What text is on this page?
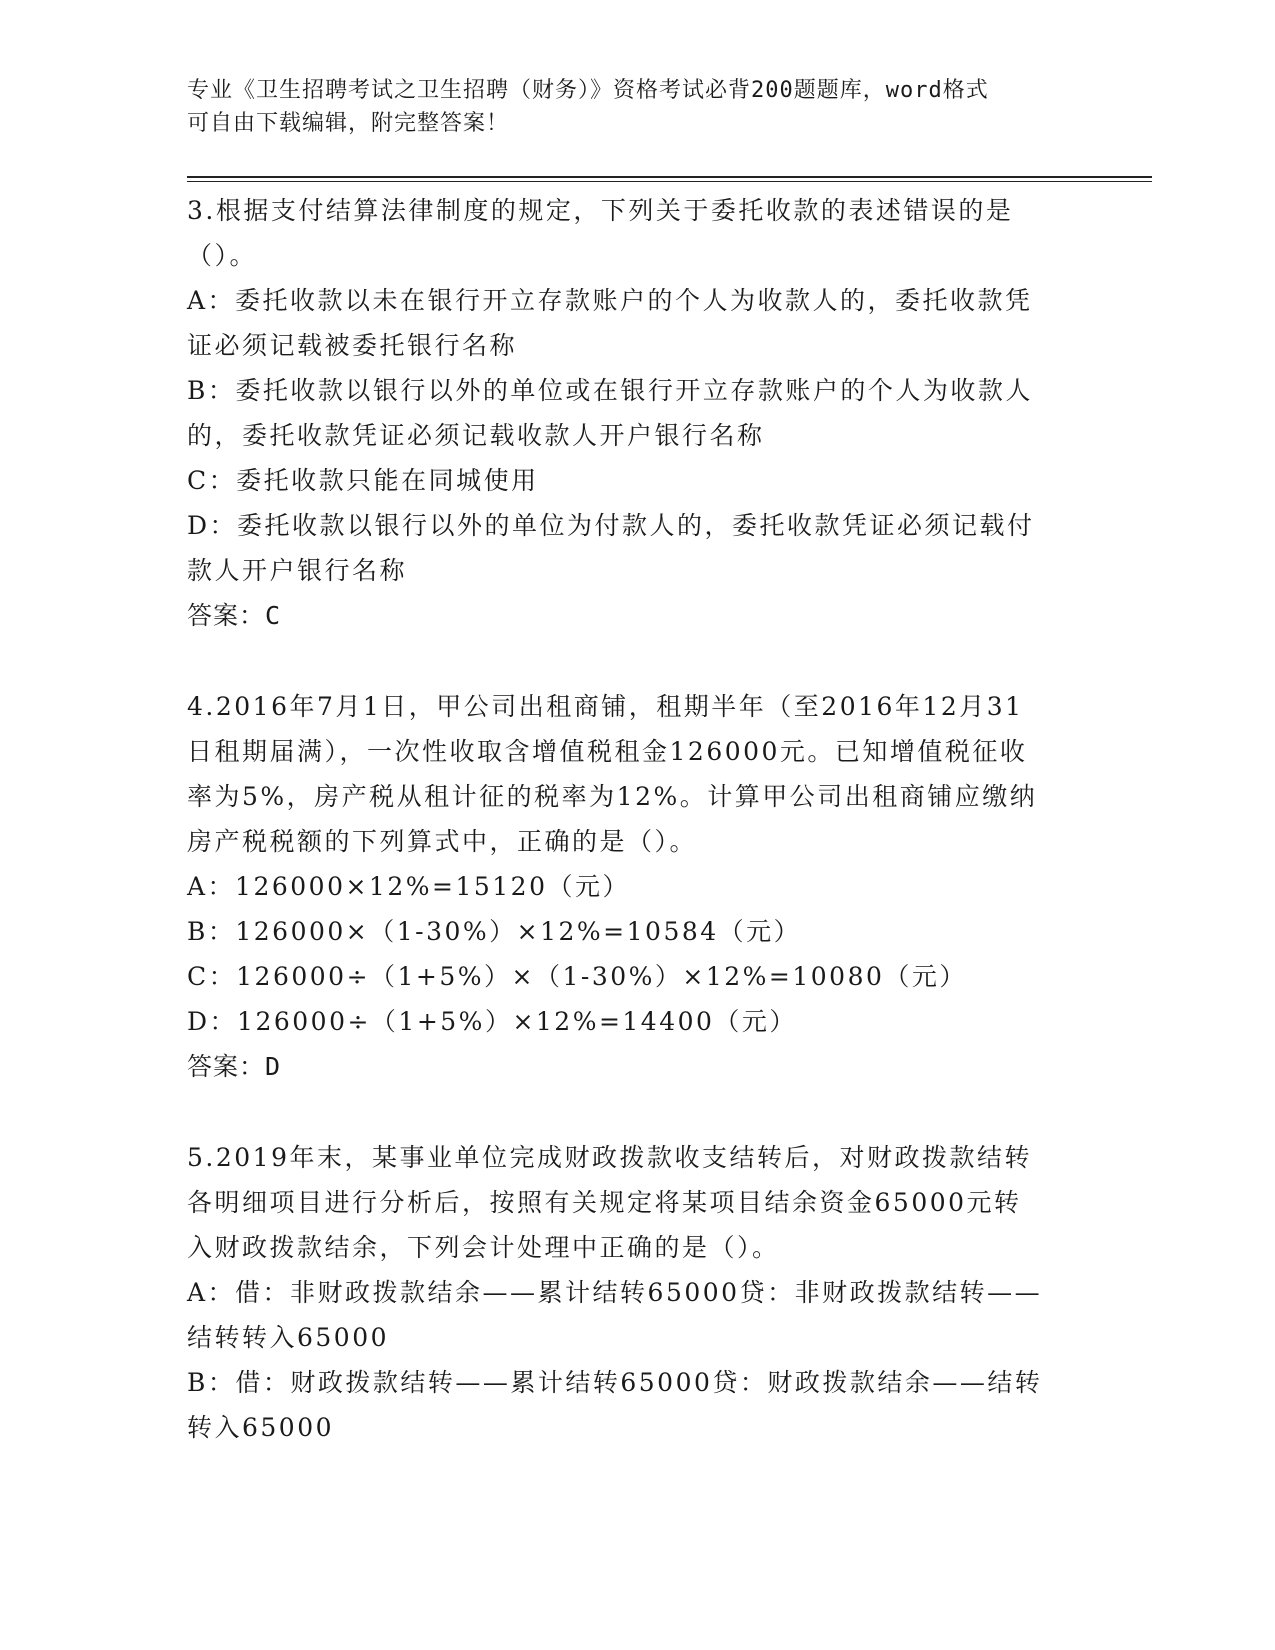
专业《卫生招聘考试之卫生招聘（财务）》资格考试必背200题题库，word格式
可自由下载编辑，附完整答案！
3.根据支付结算法律制度的规定，下列关于委托收款的表述错误的是
（）。
A：委托收款以未在银行开立存款账户的个人为收款人的，委托收款凭
证必须记载被委托银行名称
B：委托收款以银行以外的单位或在银行开立存款账户的个人为收款人
的，委托收款凭证必须记载收款人开户银行名称
C：委托收款只能在同城使用
D：委托收款以银行以外的单位为付款人的，委托收款凭证必须记载付
款人开户银行名称
答案：C
4.2016年7月1日，甲公司出租商铺，租期半年（至2016年12月31
日租期届满），一次性收取含增值税租金126000元。已知增值税征收
率为5%，房产税从租计征的税率为12%。计算甲公司出租商铺应缴纳
房产税税额的下列算式中，正确的是（）。
A：126000×12%=15120（元）
B：126000×（1-30%）×12%=10584（元）
C：126000÷（1+5%）×（1-30%）×12%=10080（元）
D：126000÷（1+5%）×12%=14400（元）
答案：D
5.2019年末，某事业单位完成财政拨款收支结转后，对财政拨款结转
各明细项目进行分析后，按照有关规定将某项目结余资金65000元转
入财政拨款结余，下列会计处理中正确的是（）。
A：借：非财政拨款结余——累计结转65000贷：非财政拨款结转——
结转转入65000
B：借：财政拨款结转——累计结转65000贷：财政拨款结余——结转
转入65000
